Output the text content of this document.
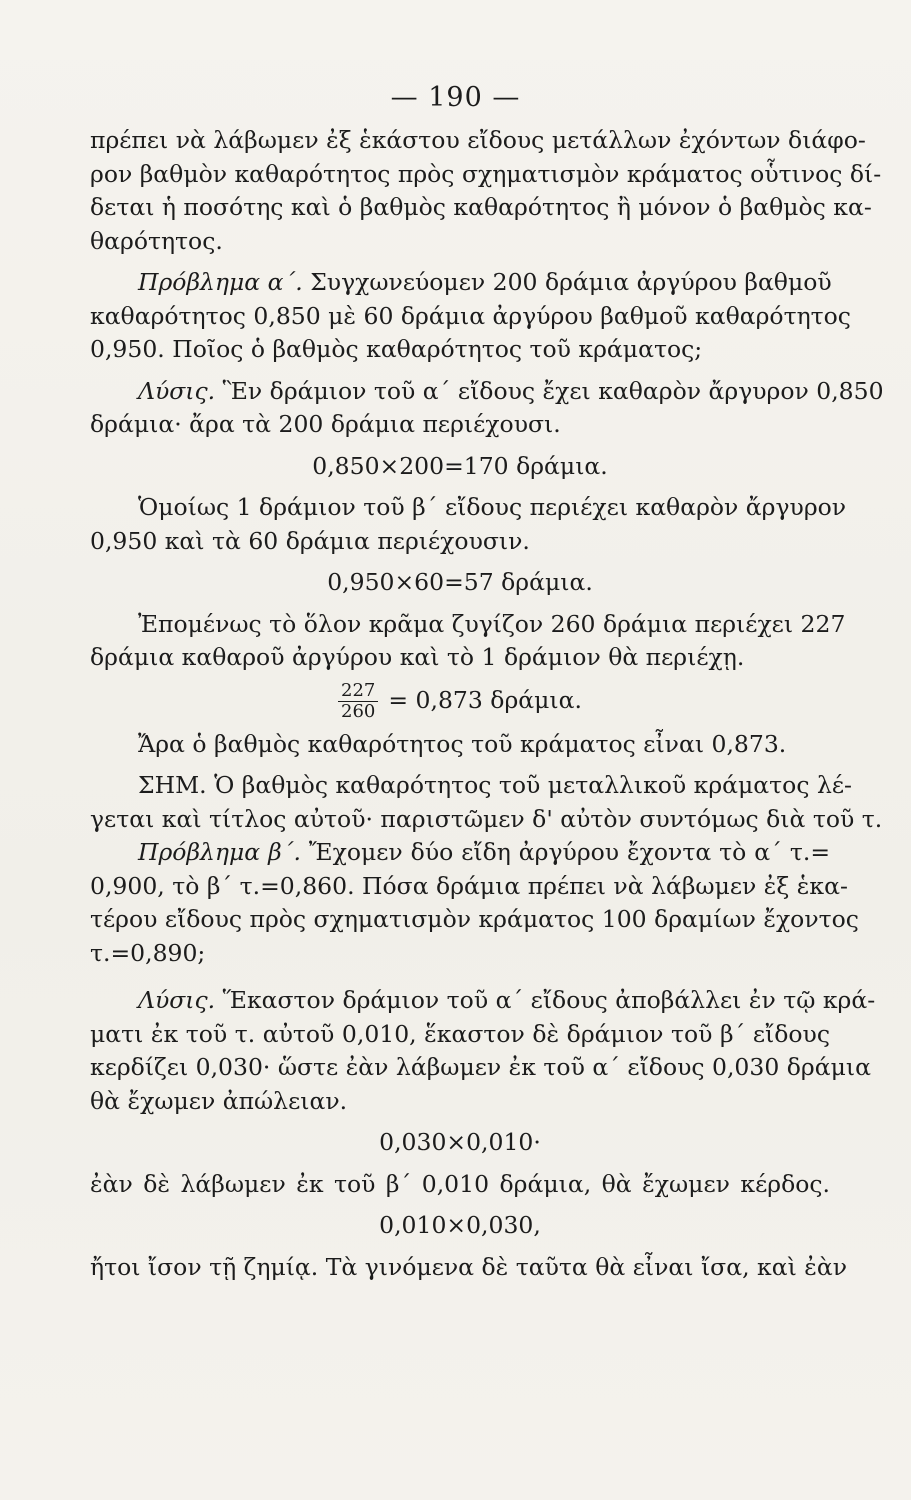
— 190 —
πρέπει νὰ λάβωμεν ἐξ ἑκάστου εἴδους μετάλλων ἐχόντων διάφο-
ρον βαθμὸν καθαρότητος πρὸς σχηματισμὸν κράματος οὗτινος δί-
δεται ἡ ποσότης καὶ ὁ βαθμὸς καθαρότητος ἢ μόνον ὁ βαθμὸς κα-
θαρότητος.
Πρόβλημα α΄. Συγχωνεύομεν 200 δράμια ἀργύρου βαθμοῦ
καθαρότητος 0,850 μὲ 60 δράμια ἀργύρου βαθμοῦ καθαρότητος
0,950. Ποῖος ὁ βαθμὸς καθαρότητος τοῦ κράματος;
Λύσις. Ἓν δράμιον τοῦ α΄ εἴδους ἔχει καθαρὸν ἄργυρον 0,850
δράμια· ἄρα τὰ 200 δράμια περιέχουσι.
0,850×200=170 δράμια.
Ὁμοίως 1 δράμιον τοῦ β΄ εἴδους περιέχει καθαρὸν ἄργυρον
0,950 καὶ τὰ 60 δράμια περιέχουσιν.
0,950×60=57 δράμια.
Ἐπομένως τὸ ὅλον κρᾶμα ζυγίζον 260 δράμια περιέχει 227
δράμια καθαροῦ ἀργύρου καὶ τὸ 1 δράμιον θὰ περιέχῃ.
$\frac{227}{260} = 0,873$ δράμια.
Ἄρα ὁ βαθμὸς καθαρότητος τοῦ κράματος εἶναι 0,873.
ΣΗΜ. Ὁ βαθμὸς καθαρότητος τοῦ μεταλλικοῦ κράματος λέ-
γεται καὶ τίτλος αὐτοῦ· παριστῶμεν δ' αὐτὸν συντόμως διὰ τοῦ τ.
Πρόβλημα β΄. Ἔχομεν δύο εἴδη ἀργύρου ἔχοντα τὸ α΄ τ.=
0,900, τὸ β΄ τ.=0,860. Πόσα δράμια πρέπει νὰ λάβωμεν ἐξ ἑκα-
τέρου εἴδους πρὸς σχηματισμὸν κράματος 100 δραμίων ἔχοντος
τ.=0,890;
Λύσις. Ἕκαστον δράμιον τοῦ α΄ εἴδους ἀποβάλλει ἐν τῷ κρά-
ματι ἐκ τοῦ τ. αὐτοῦ 0,010, ἕκαστον δὲ δράμιον τοῦ β΄ εἴδους
κερδίζει 0,030· ὥστε ἐὰν λάβωμεν ἐκ τοῦ α΄ εἴδους 0,030 δράμια
θὰ ἔχωμεν ἀπώλειαν.
0,030×0,010·
ἐὰν δὲ λάβωμεν ἐκ τοῦ β΄ 0,010 δράμια, θὰ ἔχωμεν κέρδος.
0,010×0,030,
ἤτοι ἴσον τῇ ζημίᾳ. Τὰ γινόμενα δὲ ταῦτα θὰ εἶναι ἴσα, καὶ ἐὰν
